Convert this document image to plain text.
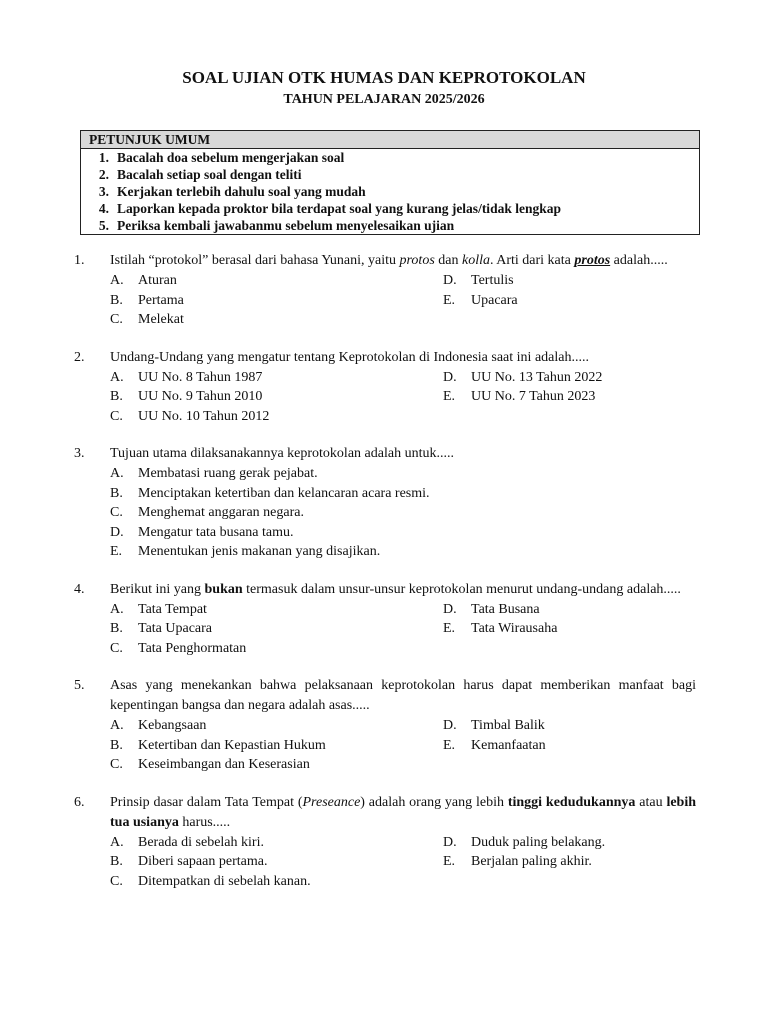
SOAL UJIAN OTK HUMAS DAN KEPROTOKOLAN
TAHUN PELAJARAN 2025/2026
PETUNJUK UMUM
1. Bacalah doa sebelum mengerjakan soal
2. Bacalah setiap soal dengan teliti
3. Kerjakan terlebih dahulu soal yang mudah
4. Laporkan kepada proktor bila terdapat soal yang kurang jelas/tidak lengkap
5. Periksa kembali jawabanmu sebelum menyelesaikan ujian
1.	Istilah “protokol” berasal dari bahasa Yunani, yaitu protos dan kolla. Arti dari kata protos adalah.....
A.	Aturan	D.	Tertulis
B.	Pertama	E.	Upacara
C.	Melekat
2.	Undang-Undang yang mengatur tentang Keprotokolan di Indonesia saat ini adalah.....
A.	UU No. 8 Tahun 1987	D.	UU No. 13 Tahun 2022
B.	UU No. 9 Tahun 2010	E.	UU No. 7 Tahun 2023
C.	UU No. 10 Tahun 2012
3.	Tujuan utama dilaksanakannya keprotokolan adalah untuk.....
A.	Membatasi ruang gerak pejabat.
B.	Menciptakan ketertiban dan kelancaran acara resmi.
C.	Menghemat anggaran negara.
D.	Mengatur tata busana tamu.
E.	Menentukan jenis makanan yang disajikan.
4.	Berikut ini yang bukan termasuk dalam unsur-unsur keprotokolan menurut undang-undang adalah.....
A.	Tata Tempat	D.	Tata Busana
B.	Tata Upacara	E.	Tata Wirausaha
C.	Tata Penghormatan
5.	Asas yang menekankan bahwa pelaksanaan keprotokolan harus dapat memberikan manfaat bagi kepentingan bangsa dan negara adalah asas.....
A.	Kebangsaan	D.	Timbal Balik
B.	Ketertiban dan Kepastian Hukum	E.	Kemanfaatan
C.	Keseimbangan dan Keserasian
6.	Prinsip dasar dalam Tata Tempat (Preseance) adalah orang yang lebih tinggi kedudukannya atau lebih tua usianya harus.....
A.	Berada di sebelah kiri.	D.	Duduk paling belakang.
B.	Diberi sapaan pertama.	E.	Berjalan paling akhir.
C.	Ditempatkan di sebelah kanan.
